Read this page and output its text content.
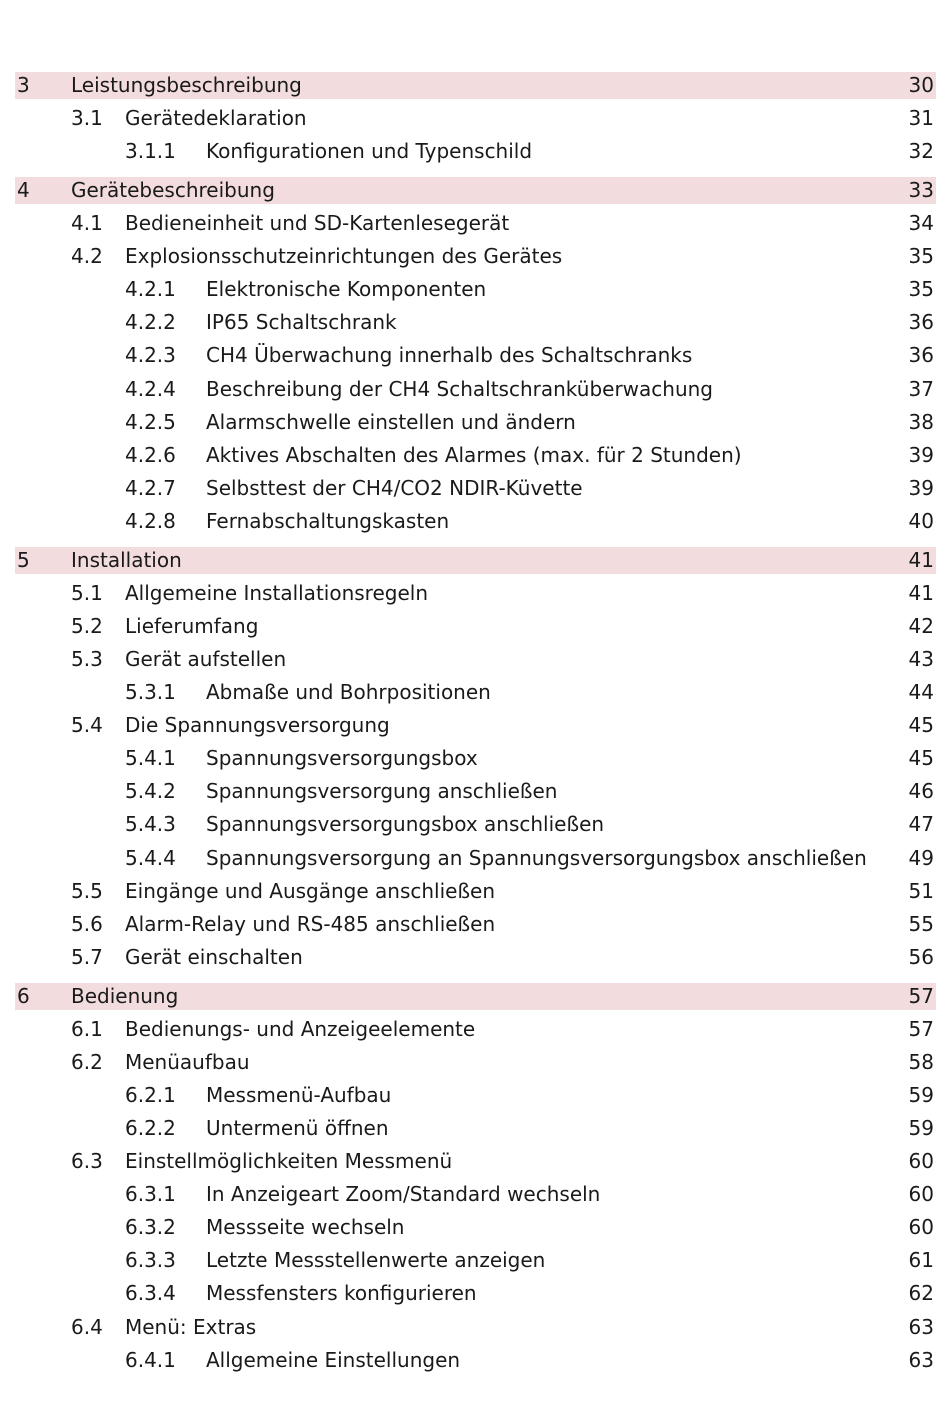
3 Leistungsbeschreibung	30
3.1 Gerätedeklaration	31
3.1.1 Konfigurationen und Typenschild	32
4 Gerätebeschreibung	33
4.1 Bedieneinheit und SD-Kartenlesegerät	34
4.2 Explosionsschutzeinrichtungen des Gerätes	35
4.2.1 Elektronische Komponenten	35
4.2.2 IP65 Schaltschrank	36
4.2.3 CH4 Überwachung innerhalb des Schaltschranks	36
4.2.4 Beschreibung der CH4 Schaltschranküberwachung	37
4.2.5 Alarmschwelle einstellen und ändern	38
4.2.6 Aktives Abschalten des Alarmes (max. für 2 Stunden)	39
4.2.7 Selbsttest der CH4/CO2 NDIR-Küvette	39
4.2.8 Fernabschaltungskasten	40
5 Installation	41
5.1 Allgemeine Installationsregeln	41
5.2 Lieferumfang	42
5.3 Gerät aufstellen	43
5.3.1 Abmaße und Bohrpositionen	44
5.4 Die Spannungsversorgung	45
5.4.1 Spannungsversorgungsbox	45
5.4.2 Spannungsversorgung anschließen	46
5.4.3 Spannungsversorgungsbox anschließen	47
5.4.4 Spannungsversorgung an Spannungsversorgungsbox anschließen 49
5.5 Eingänge und Ausgänge anschließen	51
5.6 Alarm-Relay und RS-485 anschließen	55
5.7 Gerät einschalten	56
6 Bedienung	57
6.1 Bedienungs- und Anzeigeelemente	57
6.2 Menüaufbau	58
6.2.1 Messmenü-Aufbau	59
6.2.2 Untermenü öffnen	59
6.3 Einstellmöglichkeiten Messmenü	60
6.3.1 In Anzeigeart Zoom/Standard wechseln	60
6.3.2 Messseite wechseln	60
6.3.3 Letzte Messstellenwerte anzeigen	61
6.3.4 Messfensters konfigurieren	62
6.4 Menü: Extras	63
6.4.1 Allgemeine Einstellungen	63
